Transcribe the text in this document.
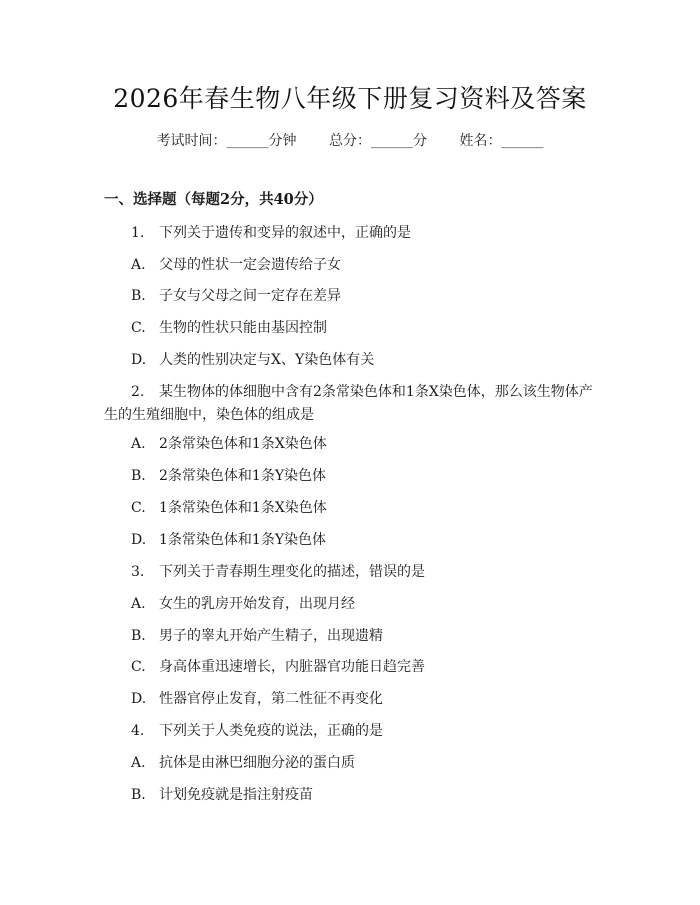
2026年春生物八年级下册复习资料及答案
考试时间：______分钟 总分：______分 姓名：______
一、选择题（每题2分，共40分）
1. 下列关于遗传和变异的叙述中，正确的是
A. 父母的性状一定会遗传给子女
B. 子女与父母之间一定存在差异
C. 生物的性状只能由基因控制
D. 人类的性别决定与X、Y染色体有关
2. 某生物体的体细胞中含有2条常染色体和1条X染色体，那么该生物体产
生的生殖细胞中，染色体的组成是
A. 2条常染色体和1条X染色体
B. 2条常染色体和1条Y染色体
C. 1条常染色体和1条X染色体
D. 1条常染色体和1条Y染色体
3. 下列关于青春期生理变化的描述，错误的是
A. 女生的乳房开始发育，出现月经
B. 男子的睾丸开始产生精子，出现遗精
C. 身高体重迅速增长，内脏器官功能日趋完善
D. 性器官停止发育，第二性征不再变化
4. 下列关于人类免疫的说法，正确的是
A. 抗体是由淋巴细胞分泌的蛋白质
B. 计划免疫就是指注射疫苗
